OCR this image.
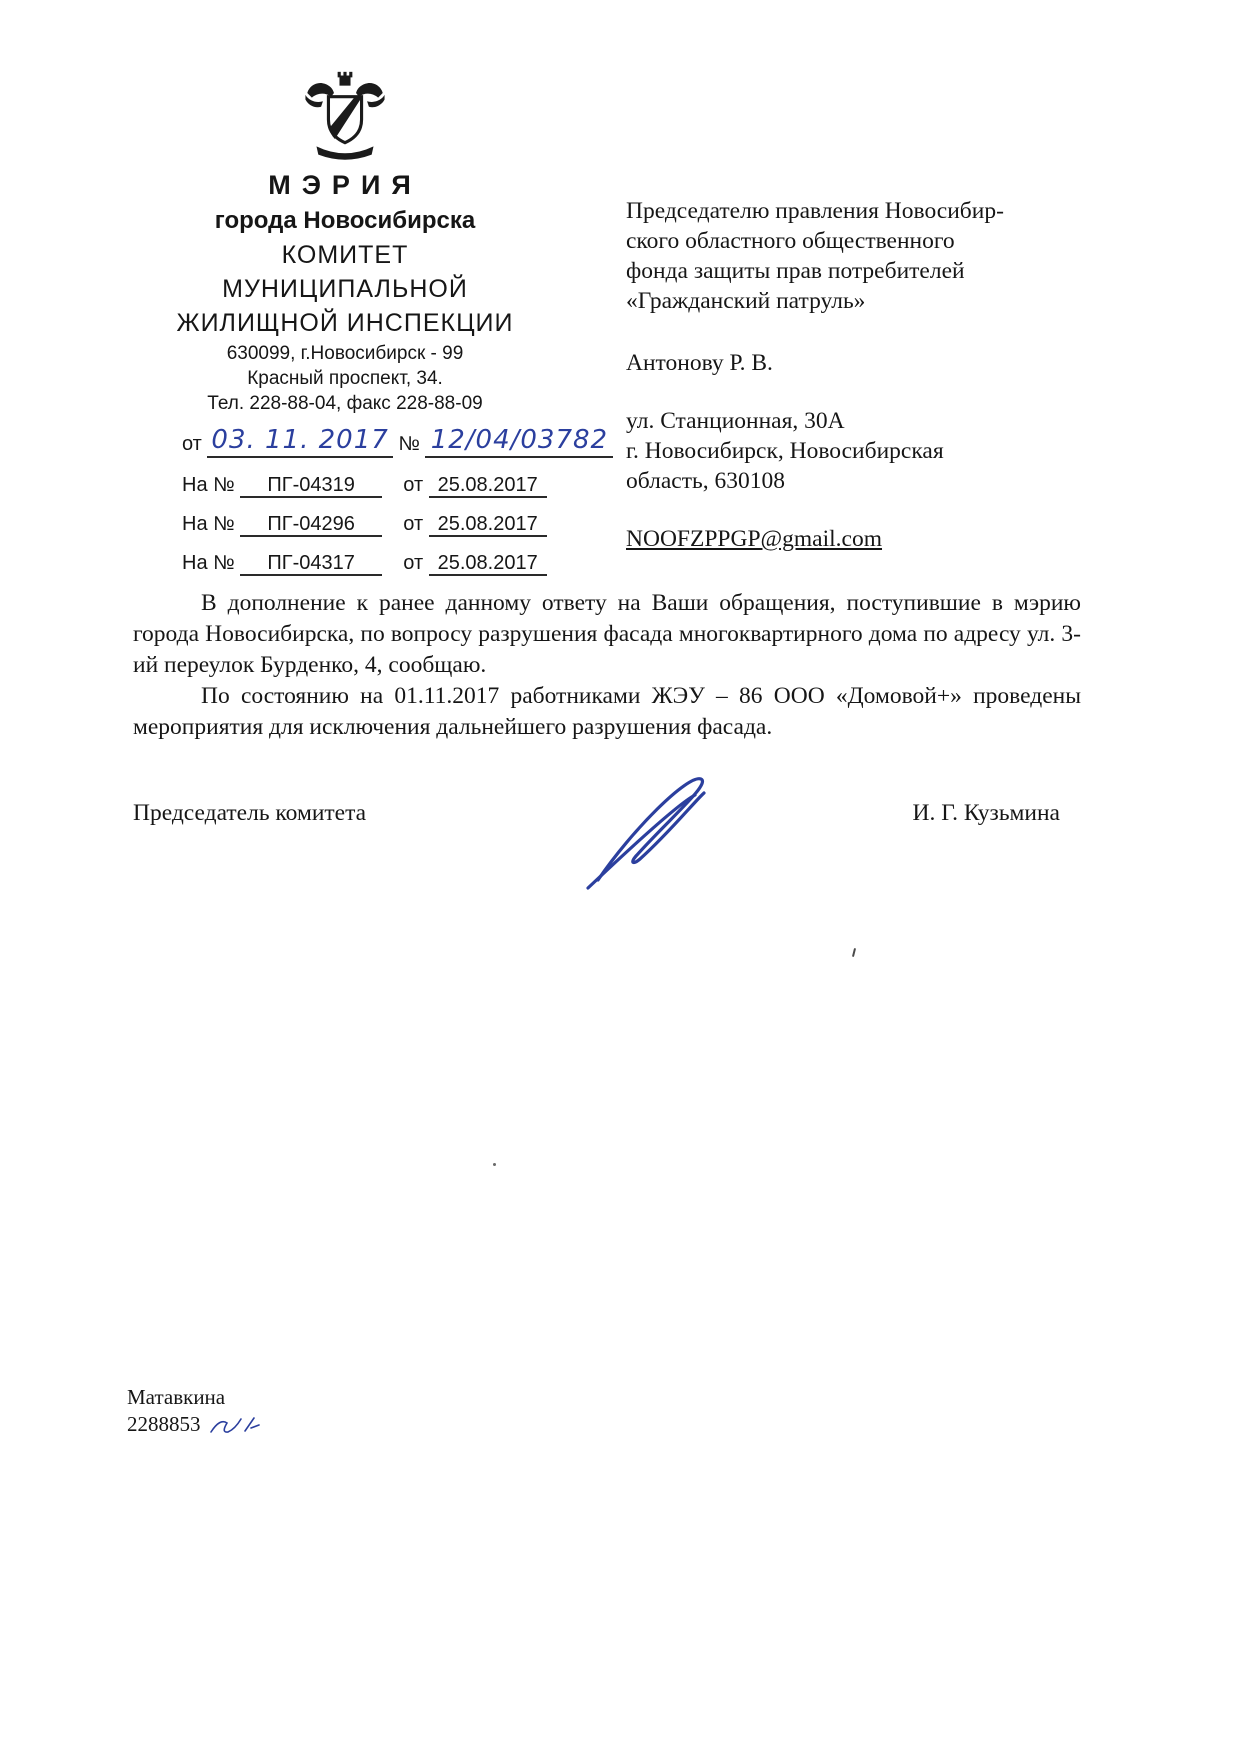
МЭРИЯ
города Новосибирска
КОМИТЕТ
МУНИЦИПАЛЬНОЙ
ЖИЛИЩНОЙ ИНСПЕКЦИИ
630099, г.Новосибирск - 99
Красный проспект, 34.
Тел. 228-88-04, факс 228-88-09
от 03. 11. 2017 № 12/04/03782
На № ПГ-04319 от 25.08.2017
На № ПГ-04296 от 25.08.2017
На № ПГ-04317 от 25.08.2017
Председателю правления Новосибир-
ского областного общественного
фонда защиты прав потребителей
«Гражданский патруль»
Антонову Р. В.
ул. Станционная, 30А
г. Новосибирск, Новосибирская
область, 630108
NOOFZPPGP@gmail.com

В дополнение к ранее данному ответу на Ваши обращения, поступившие в мэрию города Новосибирска, по вопросу разрушения фасада многоквартирного дома по адресу ул. 3-ий переулок Бурденко, 4, сообщаю.

По состоянию на 01.11.2017 работниками ЖЭУ – 86 ООО «Домовой+» проведены мероприятия для исключения дальнейшего разрушения фасада.

Председатель комитета	И. Г. Кузьмина
Матавкина
2288853
